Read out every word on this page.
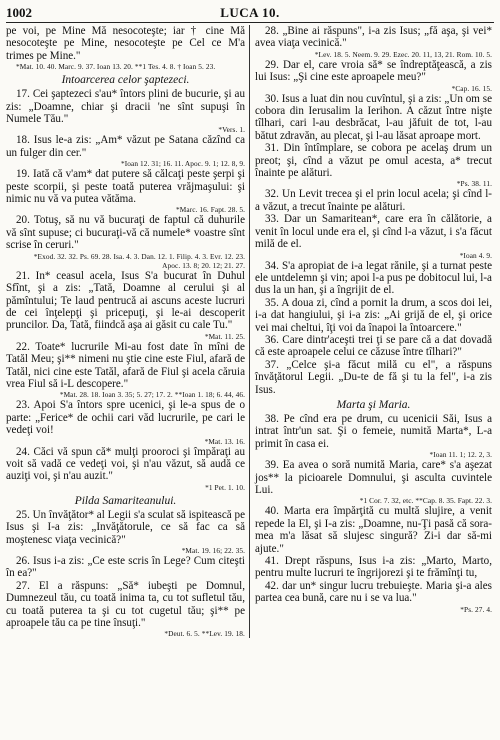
1002	LUCA 10.

pe voi, pe Mine Mă nesocoteşte; iar † cine Mă nesocoteşte pe Mine, nesocoteşte pe Cel ce M'a trimes pe Mine."

*Mat. 10. 40. Marc. 9. 37. Ioan 13. 20. **1 Tes. 4. 8. † Ioan 5. 23.

Intoarcerea celor şaptezeci.

17. Cei şaptezeci s'au* întors plini de bucurie, şi au zis: „Doamne, chiar şi dracii 'ne sînt supuşi în Numele Tău."

*Vers. 1.

18. Isus le-a zis: „Am* văzut pe Satana căzînd ca un fulger din cer."

*Ioan 12. 31; 16. 11. Apoc. 9. 1; 12. 8, 9.

19. Iată că v'am* dat putere să călcaţi peste şerpi şi peste scorpii, şi peste toată puterea vrăjmaşului: şi nimic nu vă va putea vătăma.

*Marc. 16. Fapt. 28. 5.

20. Totuş, să nu vă bucuraţi de faptul că duhurile vă sînt supuse; ci bucuraţi-vă că numele* voastre sînt scrise în ceruri."

*Exod. 32. 32. Ps. 69. 28. Isa. 4. 3. Dan. 12. 1. Filip. 4. 3. Evr. 12. 23. Apoc. 13. 8; 20. 12; 21. 27.

21. In* ceasul acela, Isus S'a bucurat în Duhul Sfînt, şi a zis: „Tată, Doamne al cerului şi al pămîntului; Te laud pentrucă ai ascuns aceste lucruri de cei înţelepţi şi pricepuţi, şi le-ai descoperit pruncilor. Da, Tată, fiindcă aşa ai găsit cu cale Tu."

*Mat. 11. 25.

22. Toate* lucrurile Mi-au fost date în mîni de Tatăl Meu; şi** nimeni nu ştie cine este Fiul, afară de Tatăl, nici cine este Tatăl, afară de Fiul şi acela căruia vrea Fiul să i-L descopere."

*Mat. 28. 18. Ioan 3. 35; 5. 27; 17. 2. **Ioan 1. 18; 6. 44, 46.

23. Apoi S'a întors spre ucenici, şi le-a spus de o parte: „Ferice* de ochii cari văd lucrurile, pe cari le vedeţi voi!

*Mat. 13. 16.

24. Căci vă spun că* mulţi prooroci şi împăraţi au voit să vadă ce vedeţi voi, şi n'au văzut, să audă ce auziţi voi, şi n'au auzit."

*1 Pet. 1. 10.

Pilda Samariteanului.

25. Un învăţător* al Legii s'a sculat să ispitească pe Isus şi I-a zis: „Invăţătorule, ce să fac ca să moştenesc viaţa vecinică?"

*Mat. 19. 16; 22. 35.

26. Isus i-a zis: „Ce este scris în Lege? Cum citeşti în ea?"

27. El a răspuns: „Să* iubeşti pe Domnul, Dumnezeul tău, cu toată inima ta, cu tot sufletul tău, cu toată puterea ta şi cu tot cugetul tău; şi** pe aproapele tău ca pe tine însuţi."

*Deut. 6. 5. **Lev. 19. 18.

28. „Bine ai răspuns", i-a zis Isus; „fă aşa, şi vei* avea viaţa vecinică."

*Lev. 18. 5. Neem. 9. 29. Ezec. 20. 11, 13, 21. Rom. 10. 5.

29. Dar el, care vroia să* se îndreptăţească, a zis lui Isus: „Şi cine este aproapele meu?"

*Cap. 16. 15.

30. Isus a luat din nou cuvîntul, şi a zis: „Un om se cobora din Ierusalim la Ierihon. A căzut între nişte tîlhari, cari l-au desbrăcat, l-au jăfuit de tot, l-au bătut zdravăn, au plecat, şi l-au lăsat aproape mort.

31. Din întîmplare, se cobora pe acelaş drum un preot; şi, cînd a văzut pe omul acesta, a* trecut înainte pe alături.

*Ps. 38. 11.

32. Un Levit trecea şi el prin locul acela; şi cînd l-a văzut, a trecut înainte pe alături.

33. Dar un Samaritean*, care era în călătorie, a venit în locul unde era el, şi cînd l-a văzut, i s'a făcut milă de el.

*Ioan 4. 9.

34. S'a apropiat de i-a legat rănile, şi a turnat peste ele untdelemn şi vin; apoi l-a pus pe dobitocul lui, l-a dus la un han, şi a îngrijit de el.

35. A doua zi, cînd a pornit la drum, a scos doi lei, i-a dat hangiului, şi i-a zis: „Ai grijă de el, şi orice vei mai cheltui, îţi voi da înapoi la întoarcere."

36. Care dintr'aceşti trei ţi se pare că a dat dovadă că este aproapele celui ce căzuse între tîlhari?"

37. „Celce şi-a făcut milă cu el", a răspuns învăţătorul Legii. „Du-te de fă şi tu la fel", i-a zis Isus.

Marta şi Maria.

38. Pe cînd era pe drum, cu ucenicii Săi, Isus a intrat într'un sat. Şi o femeie, numită Marta*, L-a primit în casa ei.

*Ioan 11. 1; 12. 2, 3.

39. Ea avea o soră numită Maria, care* s'a aşezat jos** la picioarele Domnului, şi asculta cuvintele Lui.

*1 Cor. 7. 32, etc. **Cap. 8. 35. Fapt. 22. 3.

40. Marta era împărţită cu multă slujire, a venit repede la El, şi I-a zis: „Doamne, nu-Ţi pasă că sora-mea m'a lăsat să slujesc singură? Zi-i dar să-mi ajute."

41. Drept răspuns, Isus i-a zis: „Marto, Marto, pentru multe lucruri te îngrijorezi şi te frămînţi tu,

42. dar un* singur lucru trebuieşte. Maria şi-a ales partea cea bună, care nu i se va lua."

*Ps. 27. 4.
